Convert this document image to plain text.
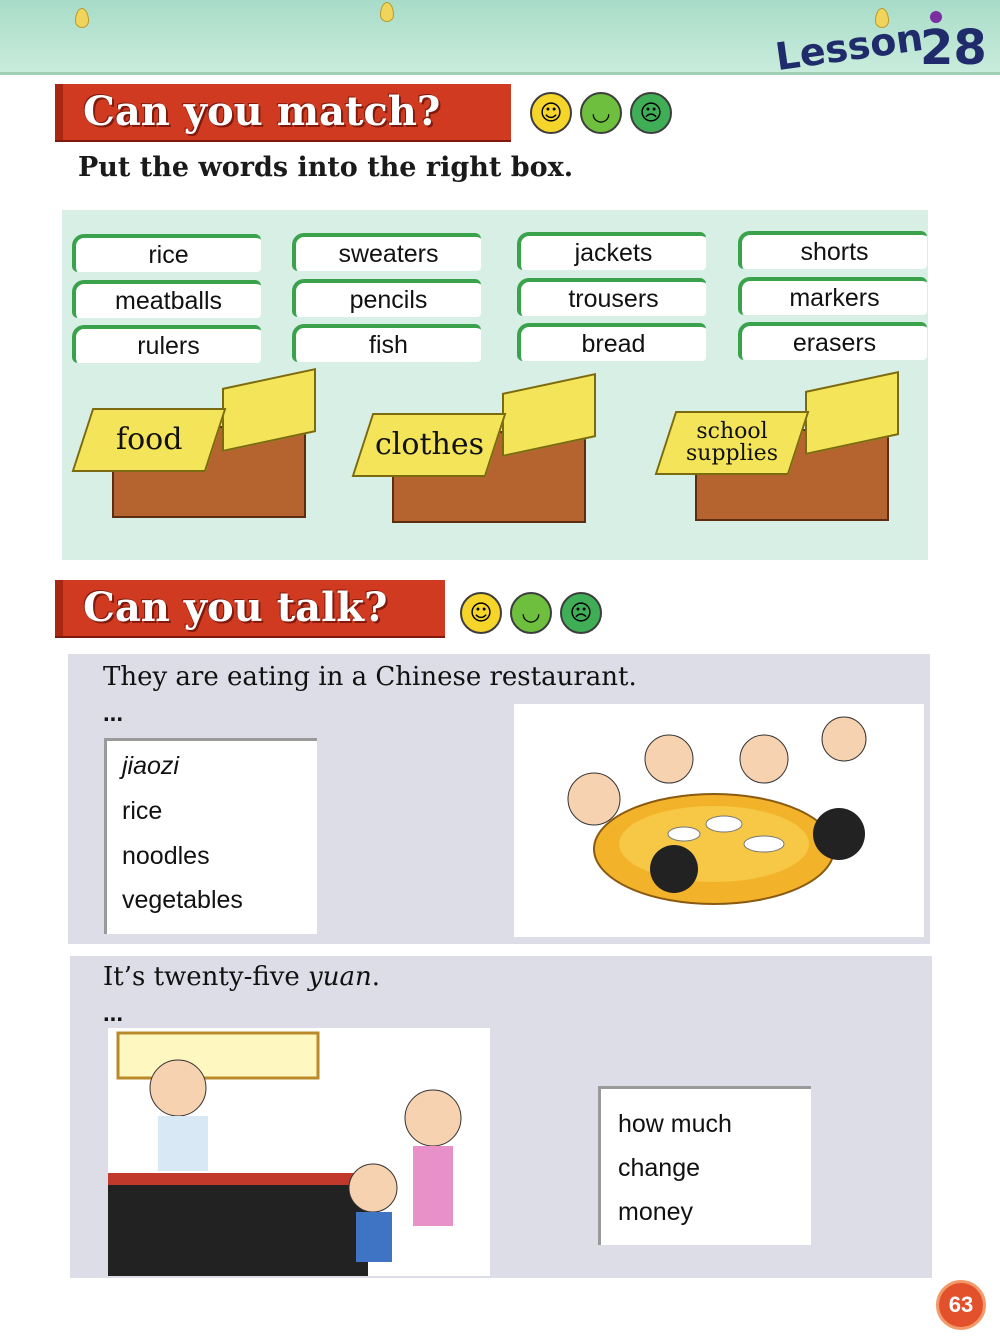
Lesson
28
Can you match?	☺	◡	☹
Put the words into the right box.
rice	sweaters	jackets	shorts
meatballs	pencils	trousers	markers
rulers	fish	bread	erasers
food	clothes	school supplies
Can you talk?	☺	◡	☹
They are eating in a Chinese restaurant.
...
jiaozi
rice
noodles
vegetables
It’s twenty-five yuan.
...
how much
change
money
63
